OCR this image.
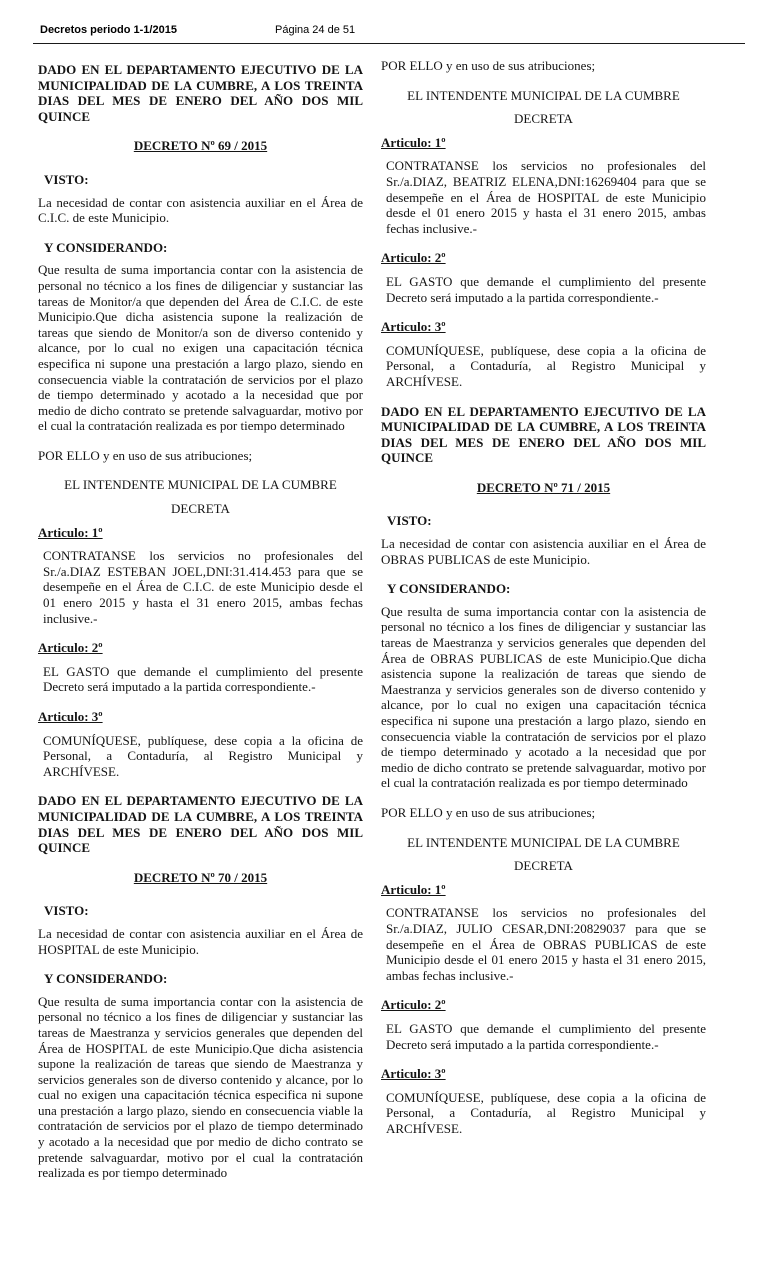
Decretos periodo 1-1/2015	Página 24 de 51
DADO EN EL DEPARTAMENTO EJECUTIVO DE LA MUNICIPALIDAD DE LA CUMBRE, A LOS TREINTA DIAS DEL MES DE ENERO DEL AÑO DOS MIL QUINCE
DECRETO Nº 69 / 2015
VISTO:
La necesidad de contar con asistencia auxiliar en el Área de C.I.C. de este Municipio.
Y CONSIDERANDO:
Que resulta de suma importancia contar con la asistencia de personal no técnico a los fines de diligenciar y sustanciar las tareas de Monitor/a que dependen del Área de C.I.C. de este Municipio.Que dicha asistencia supone la realización de tareas que siendo de Monitor/a son de diverso contenido y alcance, por lo cual no exigen una capacitación técnica especifica ni supone una prestación a largo plazo, siendo en consecuencia viable la contratación de servicios por el plazo de tiempo determinado y acotado a la necesidad que por medio de dicho contrato se pretende salvaguardar, motivo por el cual la contratación realizada es por tiempo determinado
POR ELLO y en uso de sus atribuciones;
EL INTENDENTE MUNICIPAL DE LA CUMBRE
DECRETA
Articulo: 1º
CONTRATANSE los servicios no profesionales del Sr./a.DIAZ ESTEBAN JOEL,DNI:31.414.453 para que se desempeñe en el Área de C.I.C. de este Municipio desde el 01 enero 2015 y hasta el 31 enero 2015, ambas fechas inclusive.-
Articulo: 2º
EL GASTO que demande el cumplimiento del presente Decreto será imputado a la partida correspondiente.-
Articulo: 3º
COMUNÍQUESE, publíquese, dese copia a la oficina de Personal, a Contaduría, al Registro Municipal y ARCHÍVESE.
DADO EN EL DEPARTAMENTO EJECUTIVO DE LA MUNICIPALIDAD DE LA CUMBRE, A LOS TREINTA DIAS DEL MES DE ENERO DEL AÑO DOS MIL QUINCE
DECRETO Nº 70 / 2015
VISTO:
La necesidad de contar con asistencia auxiliar en el Área de HOSPITAL de este Municipio.
Y CONSIDERANDO:
Que resulta de suma importancia contar con la asistencia de personal no técnico a los fines de diligenciar y sustanciar las tareas de Maestranza y servicios generales que dependen del Área de HOSPITAL de este Municipio.Que dicha asistencia supone la realización de tareas que siendo de Maestranza y servicios generales son de diverso contenido y alcance, por lo cual no exigen una capacitación técnica especifica ni supone una prestación a largo plazo, siendo en consecuencia viable la contratación de servicios por el plazo de tiempo determinado y acotado a la necesidad que por medio de dicho contrato se pretende salvaguardar, motivo por el cual la contratación realizada es por tiempo determinado
POR ELLO y en uso de sus atribuciones;
EL INTENDENTE MUNICIPAL DE LA CUMBRE
DECRETA
Articulo: 1º
CONTRATANSE los servicios no profesionales del Sr./a.DIAZ, BEATRIZ ELENA,DNI:16269404 para que se desempeñe en el Área de HOSPITAL de este Municipio desde el 01 enero 2015 y hasta el 31 enero 2015, ambas fechas inclusive.-
Articulo: 2º
EL GASTO que demande el cumplimiento del presente Decreto será imputado a la partida correspondiente.-
Articulo: 3º
COMUNÍQUESE, publíquese, dese copia a la oficina de Personal, a Contaduría, al Registro Municipal y ARCHÍVESE.
DADO EN EL DEPARTAMENTO EJECUTIVO DE LA MUNICIPALIDAD DE LA CUMBRE, A LOS TREINTA DIAS DEL MES DE ENERO DEL AÑO DOS MIL QUINCE
DECRETO Nº 71 / 2015
VISTO:
La necesidad de contar con asistencia auxiliar en el Área de OBRAS PUBLICAS de este Municipio.
Y CONSIDERANDO:
Que resulta de suma importancia contar con la asistencia de personal no técnico a los fines de diligenciar y sustanciar las tareas de Maestranza y servicios generales que dependen del Área de OBRAS PUBLICAS de este Municipio.Que dicha asistencia supone la realización de tareas que siendo de Maestranza y servicios generales son de diverso contenido y alcance, por lo cual no exigen una capacitación técnica especifica ni supone una prestación a largo plazo, siendo en consecuencia viable la contratación de servicios por el plazo de tiempo determinado y acotado a la necesidad que por medio de dicho contrato se pretende salvaguardar, motivo por el cual la contratación realizada es por tiempo determinado
POR ELLO y en uso de sus atribuciones;
EL INTENDENTE MUNICIPAL DE LA CUMBRE
DECRETA
Articulo: 1º
CONTRATANSE los servicios no profesionales del Sr./a.DIAZ, JULIO CESAR,DNI:20829037 para que se desempeñe en el Área de OBRAS PUBLICAS de este Municipio desde el 01 enero 2015 y hasta el 31 enero 2015, ambas fechas inclusive.-
Articulo: 2º
EL GASTO que demande el cumplimiento del presente Decreto será imputado a la partida correspondiente.-
Articulo: 3º
COMUNÍQUESE, publíquese, dese copia a la oficina de Personal, a Contaduría, al Registro Municipal y ARCHÍVESE.
